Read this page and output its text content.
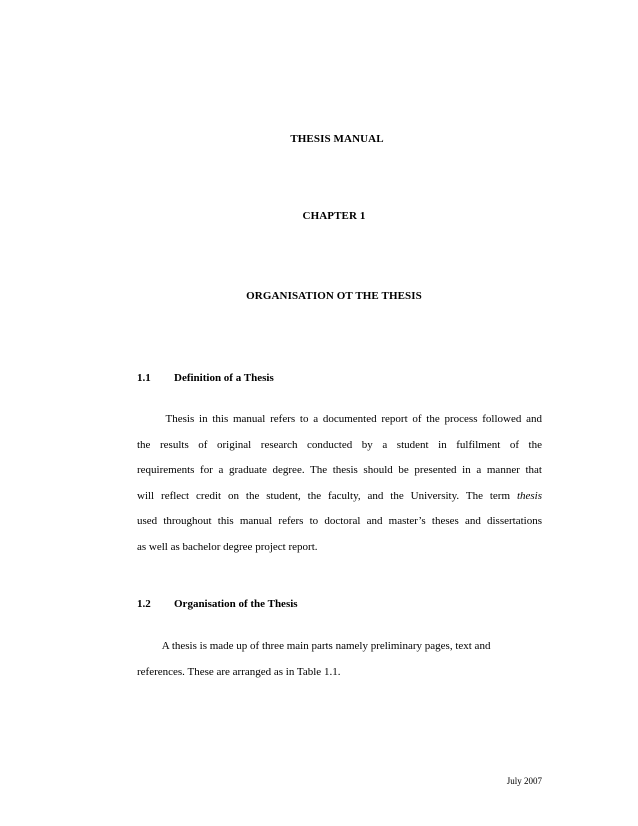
THESIS MANUAL
CHAPTER 1
ORGANISATION OT THE THESIS
1.1 Definition of a Thesis
Thesis in this manual refers to a documented report of the process followed and
the results of original research conducted by a student in fulfilment of the
requirements for a graduate degree. The thesis should be presented in a manner that
will reflect credit on the student, the faculty, and the University. The term thesis
used throughout this manual refers to doctoral and master’s theses and dissertations
as well as bachelor degree project report.
1.2 Organisation of the Thesis
A thesis is made up of three main parts namely preliminary pages, text and
references. These are arranged as in Table 1.1.
July 2007
